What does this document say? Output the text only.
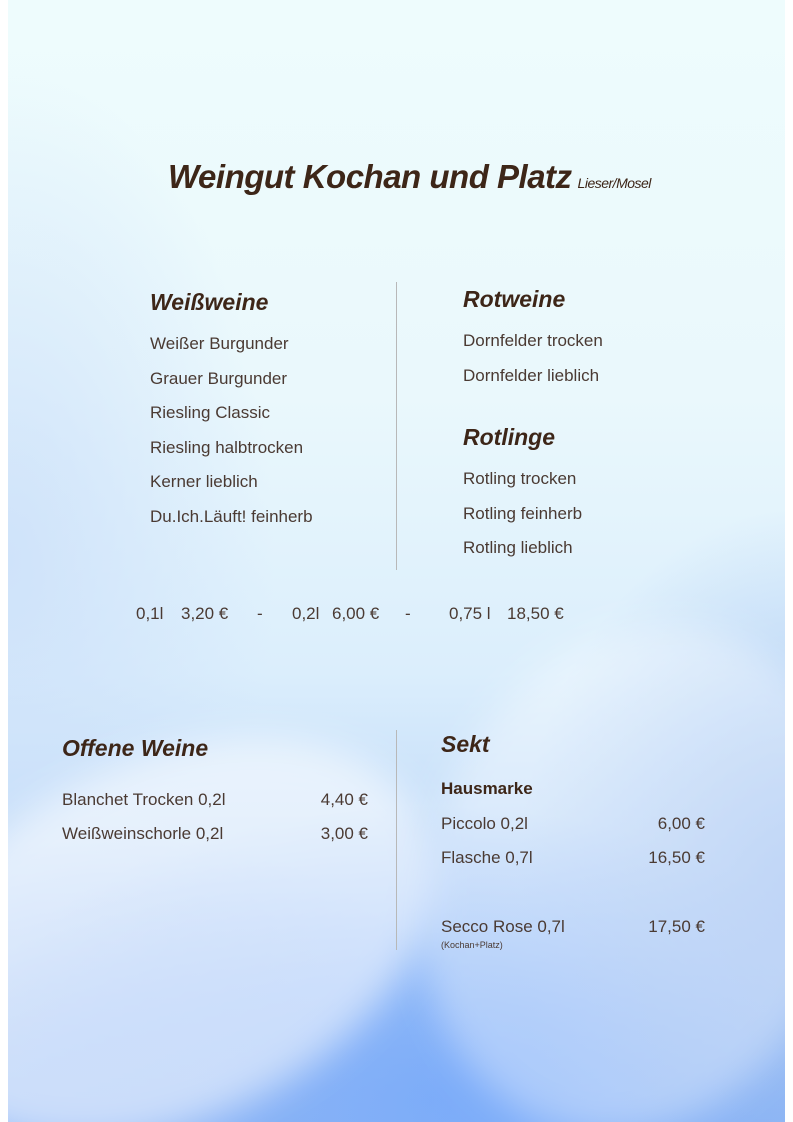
Weingut Kochan und Platz Lieser/Mosel
Weißweine
Weißer Burgunder
Grauer Burgunder
Riesling Classic
Riesling halbtrocken
Kerner lieblich
Du.Ich.Läuft! feinherb
Rotweine
Dornfelder trocken
Dornfelder lieblich
Rotlinge
Rotling trocken
Rotling feinherb
Rotling lieblich
0,1l 3,20 € - 0,2l 6,00 € - 0,75 l 18,50 €
Offene Weine
Blanchet Trocken 0,2l	4,40 €
Weißweinschorle 0,2l	3,00 €
Sekt
Hausmarke
Piccolo 0,2l	6,00 €
Flasche 0,7l	16,50 €
Secco Rose 0,7l	17,50 €
(Kochan+Platz)
